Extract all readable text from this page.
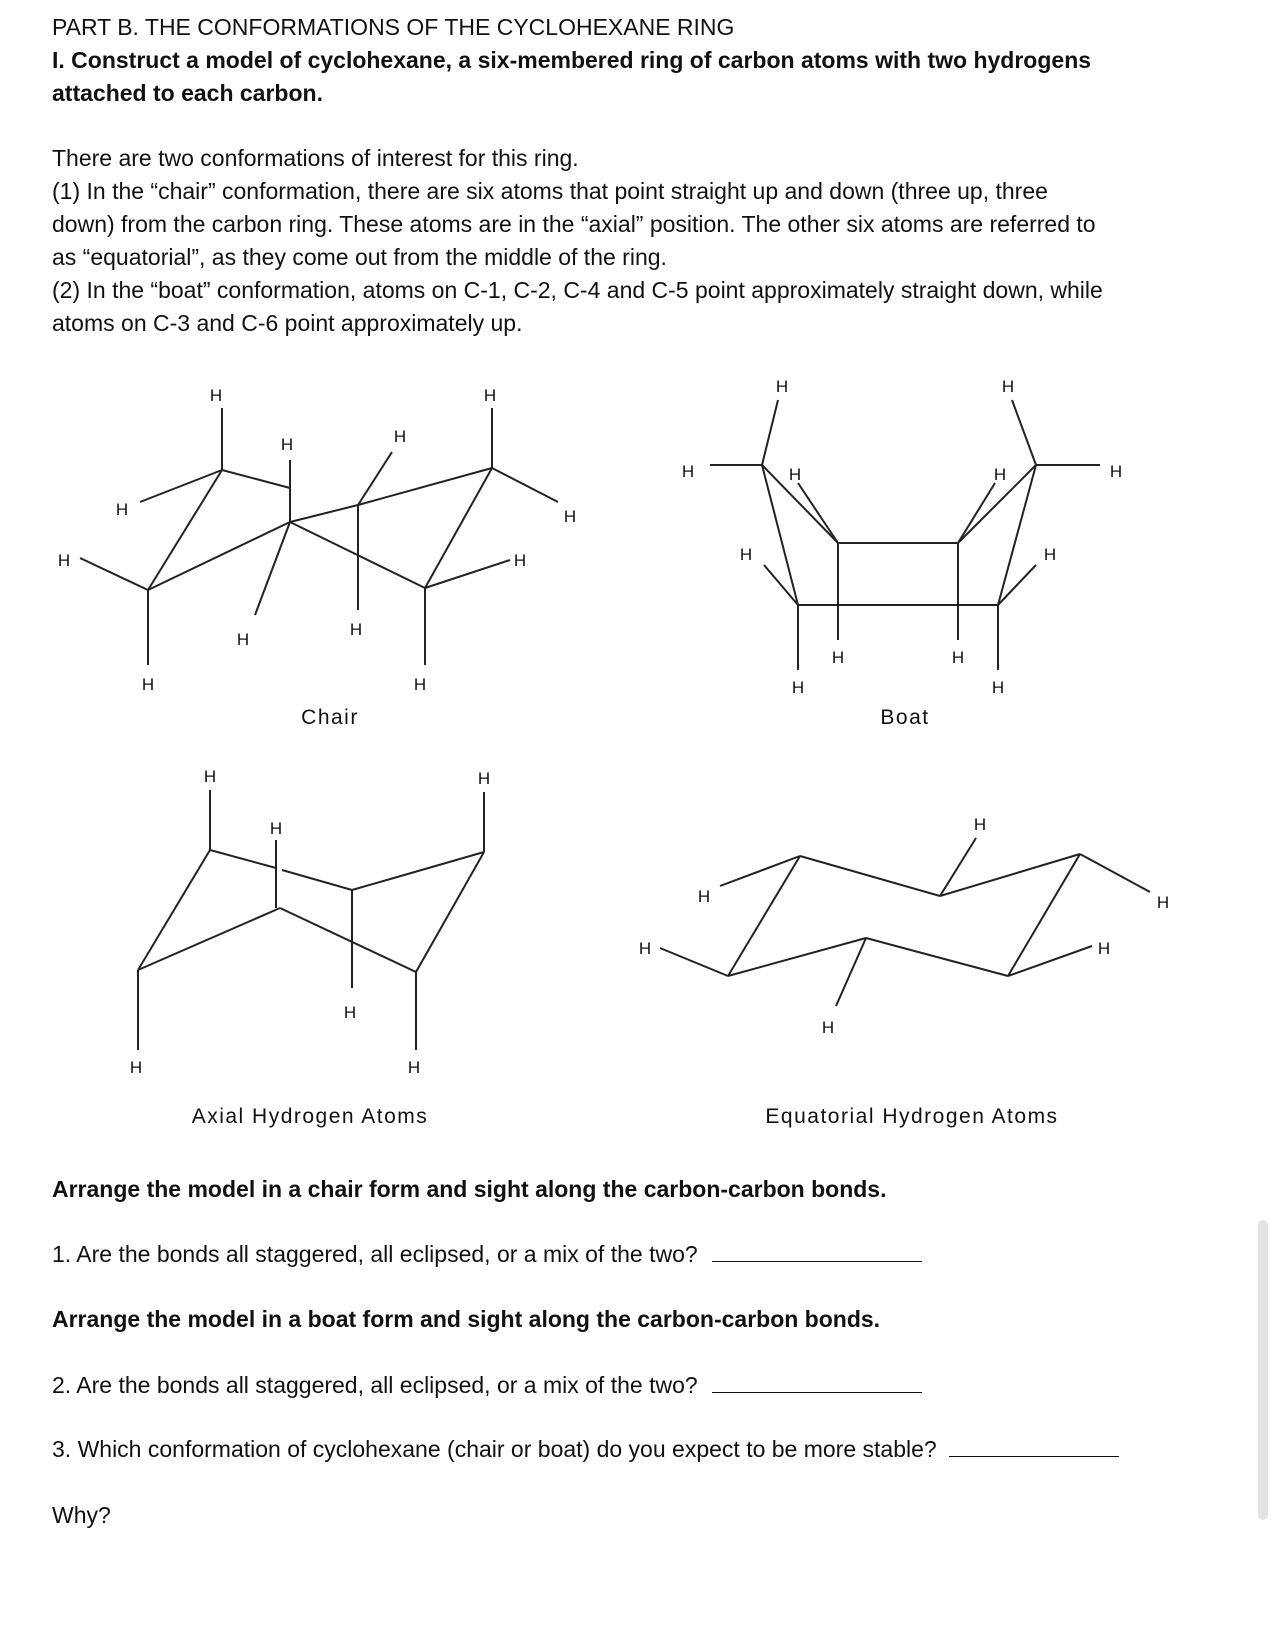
PART B. THE CONFORMATIONS OF THE CYCLOHEXANE RING
I. Construct a model of cyclohexane, a six-membered ring of carbon atoms with two hydrogens
attached to each carbon.
There are two conformations of interest for this ring.
(1) In the “chair” conformation, there are six atoms that point straight up and down (three up, three
down) from the carbon ring. These atoms are in the “axial” position. The other six atoms are referred to
as “equatorial”, as they come out from the middle of the ring.
(2) In the “boat” conformation, atoms on C-1, C-2, C-4 and C-5 point approximately straight down, while
atoms on C-3 and C-6 point approximately up.
H	H
H	H
H	H
H	H
H
H
H	H
Chair
H	H
H	H	H	H
H	H
H	H
H	H
Boat
H	H
H
H
H	H
Axial Hydrogen Atoms
H
H
H
H
H
H
Equatorial Hydrogen Atoms
Arrange the model in a chair form and sight along the carbon-carbon bonds.
1. Are the bonds all staggered, all eclipsed, or a mix of the two?
Arrange the model in a boat form and sight along the carbon-carbon bonds.
2. Are the bonds all staggered, all eclipsed, or a mix of the two?
3. Which conformation of cyclohexane (chair or boat) do you expect to be more stable?
Why?
